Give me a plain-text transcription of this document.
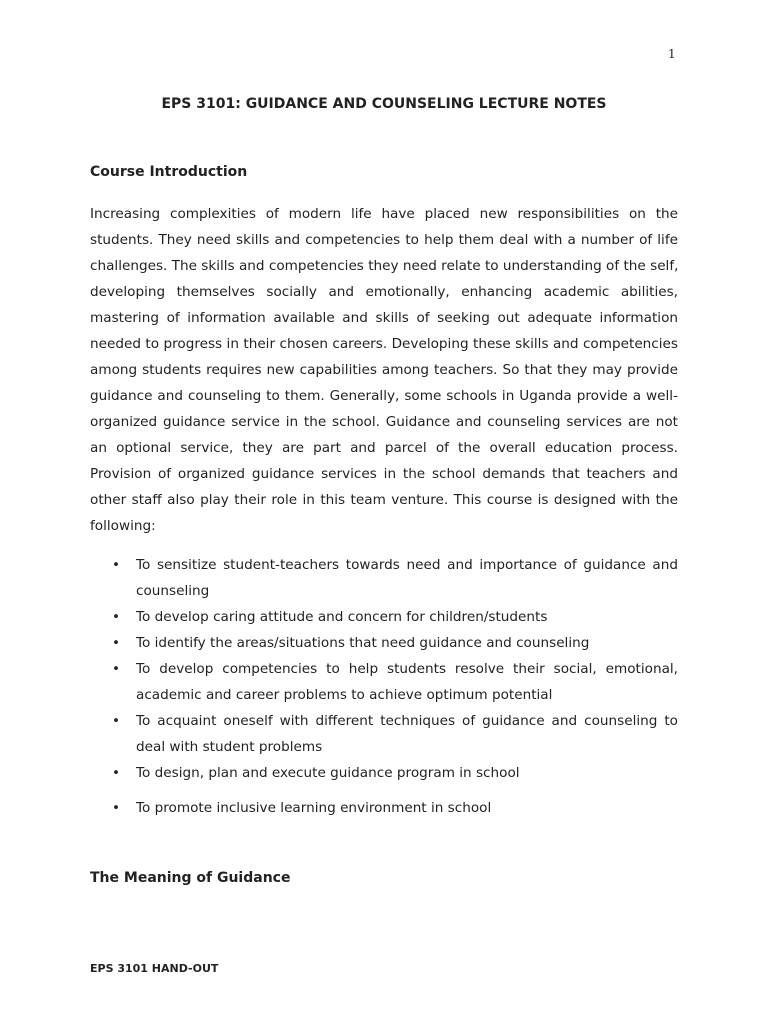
1
EPS 3101: GUIDANCE AND COUNSELING LECTURE NOTES
Course Introduction
Increasing complexities of modern life have placed new responsibilities on the
students. They need skills and competencies to help them deal with a number of life
challenges. The skills and competencies they need relate to understanding of the self,
developing themselves socially and emotionally, enhancing academic abilities,
mastering of information available and skills of seeking out adequate information
needed to progress in their chosen careers. Developing these skills and competencies
among students requires new capabilities among teachers. So that they may provide
guidance and counseling to them. Generally, some schools in Uganda provide a well-
organized guidance service in the school. Guidance and counseling services are not
an optional service, they are part and parcel of the overall education process.
Provision of organized guidance services in the school demands that teachers and
other staff also play their role in this team venture. This course is designed with the
following:
• To sensitize student-teachers towards need and importance of guidance and
counseling
• To develop caring attitude and concern for children/students
• To identify the areas/situations that need guidance and counseling
• To develop competencies to help students resolve their social, emotional,
academic and career problems to achieve optimum potential
• To acquaint oneself with different techniques of guidance and counseling to
deal with student problems
• To design, plan and execute guidance program in school
• To promote inclusive learning environment in school
The Meaning of Guidance
EPS 3101 HAND-OUT
